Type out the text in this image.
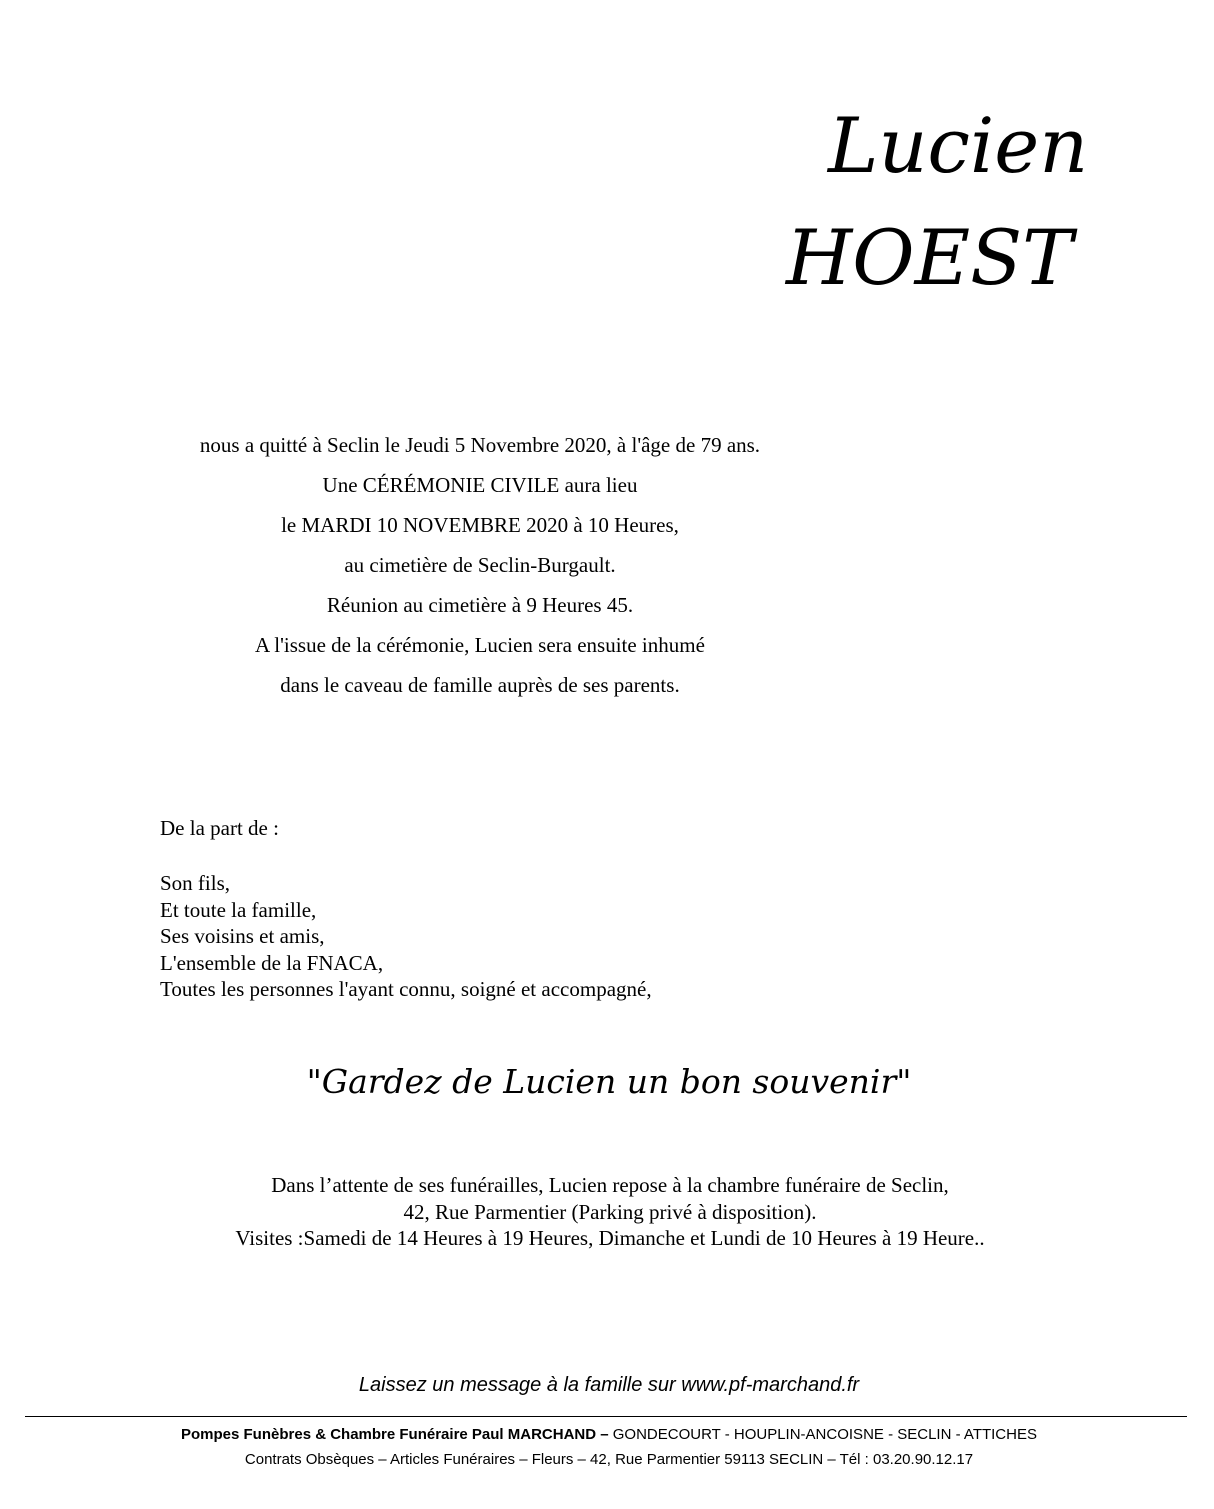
Lucien
HOEST
nous a quitté à Seclin le Jeudi 5 Novembre 2020, à l'âge de 79 ans.
Une CÉRÉMONIE CIVILE aura lieu
le MARDI 10 NOVEMBRE 2020 à 10 Heures,
au cimetière de Seclin-Burgault.
Réunion au cimetière à 9 Heures 45.
A l'issue de la cérémonie, Lucien sera ensuite inhumé
dans le caveau de famille auprès de ses parents.
De la part de :
Son fils,
Et toute la famille,
Ses voisins et amis,
L'ensemble de la FNACA,
Toutes les personnes l'ayant connu, soigné et accompagné,
"Gardez de Lucien un bon souvenir"
Dans l’attente de ses funérailles, Lucien repose à la chambre funéraire de Seclin,
42, Rue Parmentier (Parking privé à disposition).
Visites :Samedi de 14 Heures à 19 Heures, Dimanche et Lundi de 10 Heures à 19 Heure..
Laissez un message à la famille sur www.pf-marchand.fr
Pompes Funèbres & Chambre Funéraire Paul MARCHAND – GONDECOURT - HOUPLIN-ANCOISNE - SECLIN - ATTICHES
Contrats Obsèques – Articles Funéraires – Fleurs – 42, Rue Parmentier 59113 SECLIN – Tél : 03.20.90.12.17
